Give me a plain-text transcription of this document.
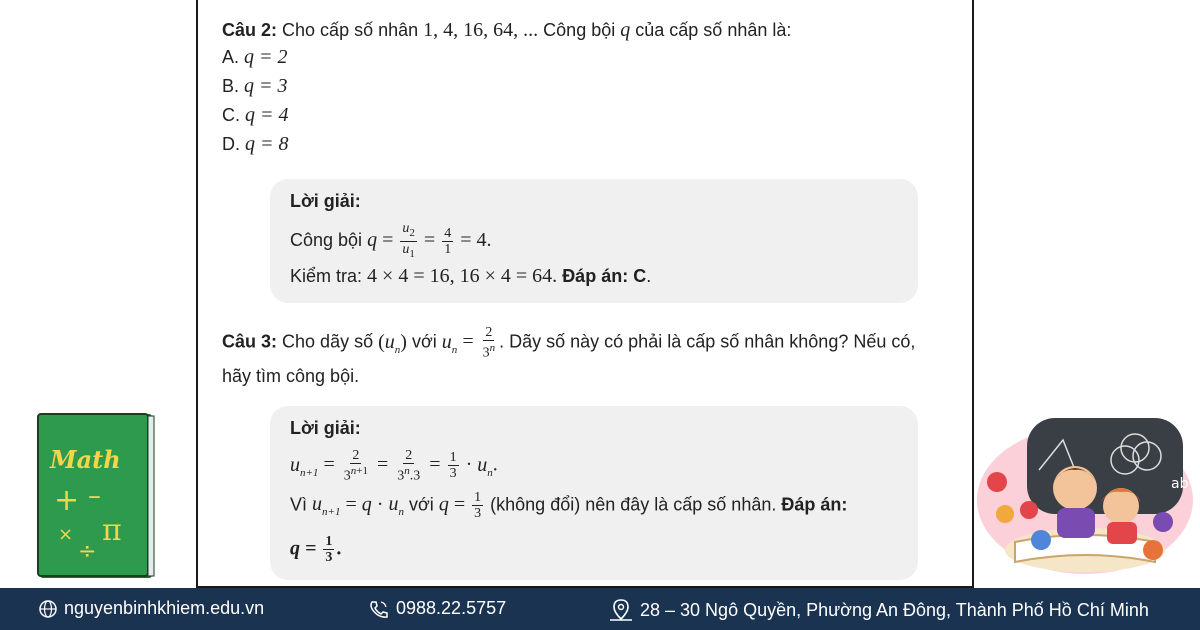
Câu 2: Cho cấp số nhân 1, 4, 16, 64, ... Công bội q của cấp số nhân là:
A. q = 2
B. q = 3
C. q = 4
D. q = 8
Lời giải:
Công bội $q = \frac{u_2}{u_1} = \frac{4}{1} = 4$.
Kiểm tra: 4 × 4 = 16, 16 × 4 = 64. Đáp án: C.
Câu 3: Cho dãy số $(u_n)$ với $u_n = \frac{2}{3^n}$ . Dãy số này có phải là cấp số nhân không? Nếu có,
hãy tìm công bội.
Lời giải:
$u_{n+1} = \frac{2}{3^{n+1}} = \frac{2}{3^n.3} = \frac{1}{3} \cdot u_n$.
Vì $u_{n+1} = q \cdot u_n$ với $q = \frac{1}{3}$ (không đổi) nên đây là cấp số nhân. Đáp án:
$q = \frac{1}{3}$ .
Math
+ –
π
×
÷
ab²
nguyenbinhkhiem.edu.vn	0988.22.5757	28 – 30 Ngô Quyền, Phường An Đông, Thành Phố Hồ Chí Minh
